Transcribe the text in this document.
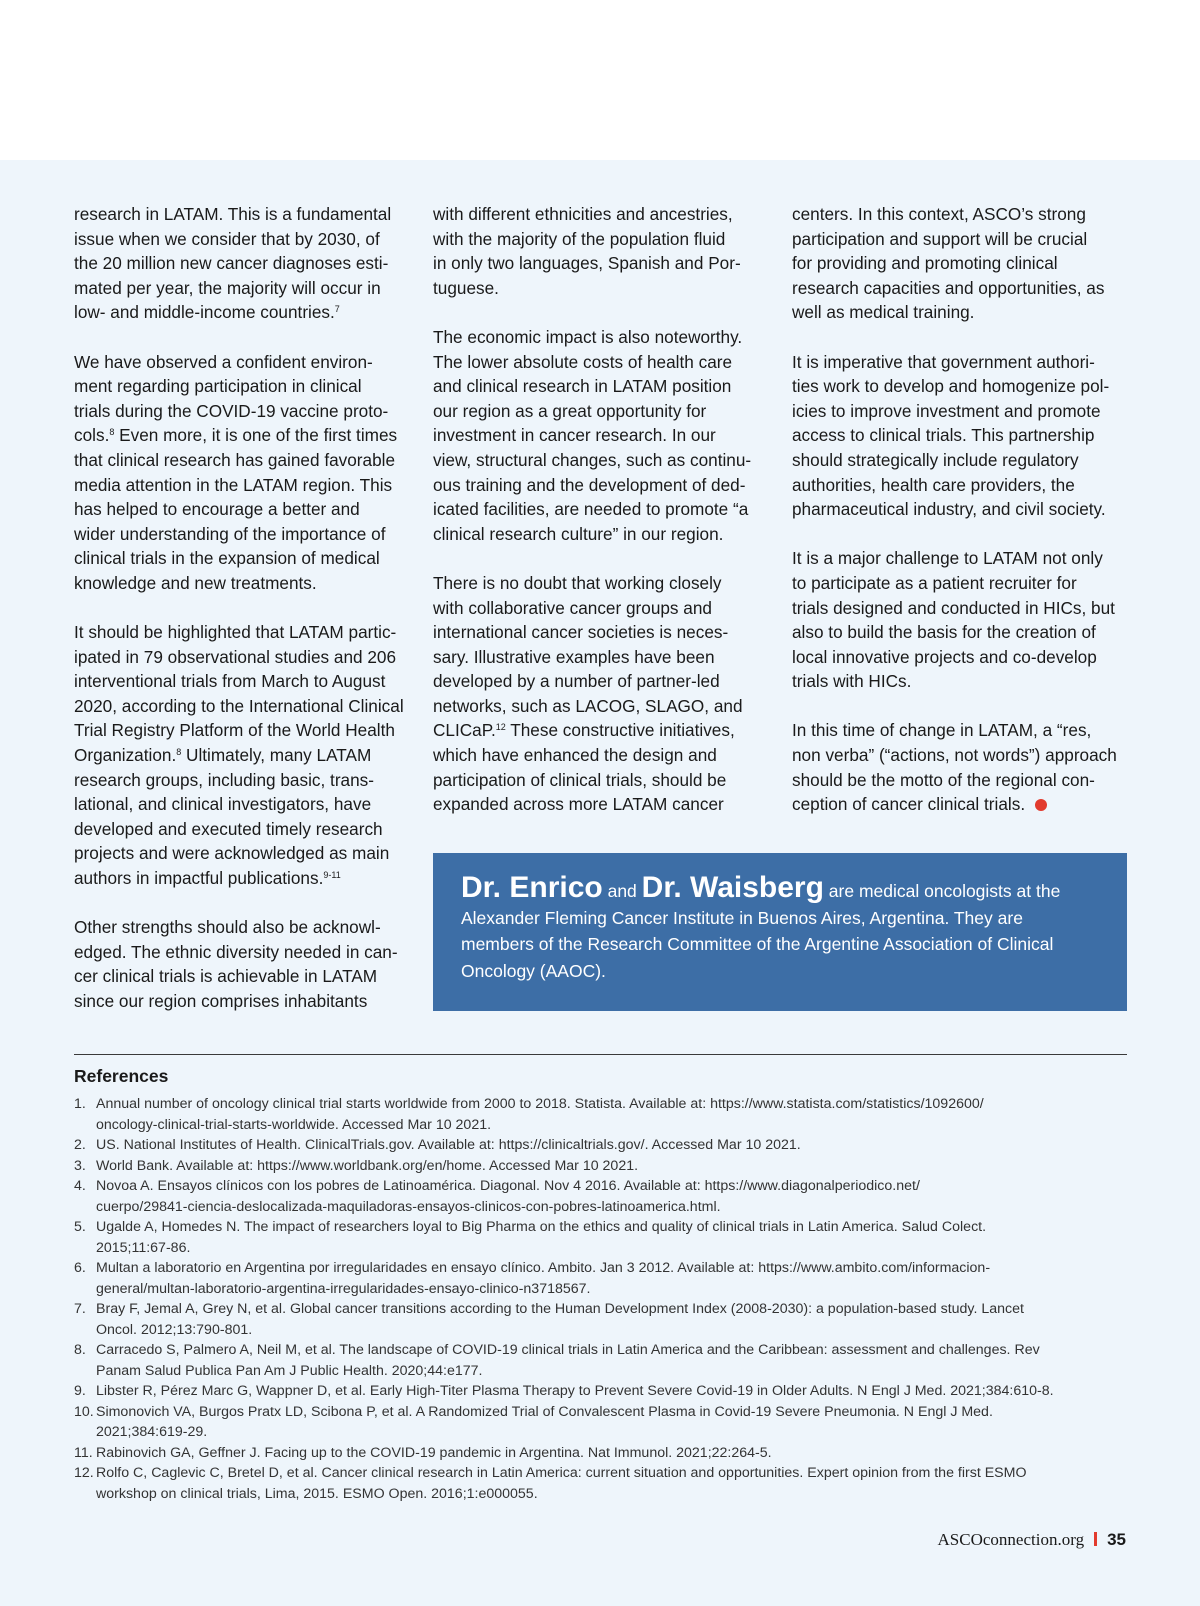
research in LATAM. This is a fundamental
issue when we consider that by 2030, of
the 20 million new cancer diagnoses esti-
mated per year, the majority will occur in
low- and middle-income countries.$^7$

We have observed a confident environ-
ment regarding participation in clinical
trials during the COVID-19 vaccine proto-
cols.$^8$ Even more, it is one of the first times
that clinical research has gained favorable
media attention in the LATAM region. This
has helped to encourage a better and
wider understanding of the importance of
clinical trials in the expansion of medical
knowledge and new treatments.

It should be highlighted that LATAM partic-
ipated in 79 observational studies and 206
interventional trials from March to August
2020, according to the International Clinical
Trial Registry Platform of the World Health
Organization.$^8$ Ultimately, many LATAM
research groups, including basic, trans-
lational, and clinical investigators, have
developed and executed timely research
projects and were acknowledged as main
authors in impactful publications.$^{9-11}$

Other strengths should also be acknowl-
edged. The ethnic diversity needed in can-
cer clinical trials is achievable in LATAM
since our region comprises inhabitants

with different ethnicities and ancestries,
with the majority of the population fluid
in only two languages, Spanish and Por-
tuguese.

The economic impact is also noteworthy.
The lower absolute costs of health care
and clinical research in LATAM position
our region as a great opportunity for
investment in cancer research. In our
view, structural changes, such as continu-
ous training and the development of ded-
icated facilities, are needed to promote “a
clinical research culture” in our region.

There is no doubt that working closely
with collaborative cancer groups and
international cancer societies is neces-
sary. Illustrative examples have been
developed by a number of partner-led
networks, such as LACOG, SLAGO, and
CLICaP.$^{12}$ These constructive initiatives,
which have enhanced the design and
participation of clinical trials, should be
expanded across more LATAM cancer

centers. In this context, ASCO’s strong
participation and support will be crucial
for providing and promoting clinical
research capacities and opportunities, as
well as medical training.

It is imperative that government authori-
ties work to develop and homogenize pol-
icies to improve investment and promote
access to clinical trials. This partnership
should strategically include regulatory
authorities, health care providers, the
pharmaceutical industry, and civil society.

It is a major challenge to LATAM not only
to participate as a patient recruiter for
trials designed and conducted in HICs, but
also to build the basis for the creation of
local innovative projects and co-develop
trials with HICs.

In this time of change in LATAM, a “res,
non verba” (“actions, not words”) approach
should be the motto of the regional con-
ception of cancer clinical trials.

Dr. Enrico and Dr. Waisberg are medical oncologists at the Alexander Fleming Cancer Institute in Buenos Aires, Argentina. They are members of the Research Committee of the Argentine Association of Clinical Oncology (AAOC).
References
1. Annual number of oncology clinical trial starts worldwide from 2000 to 2018. Statista. Available at: https://www.statista.com/statistics/1092600/
oncology-clinical-trial-starts-worldwide. Accessed Mar 10 2021.
2. US. National Institutes of Health. ClinicalTrials.gov. Available at: https://clinicaltrials.gov/. Accessed Mar 10 2021.
3. World Bank. Available at: https://www.worldbank.org/en/home. Accessed Mar 10 2021.
4. Novoa A. Ensayos clínicos con los pobres de Latinoamérica. Diagonal. Nov 4 2016. Available at: https://www.diagonalperiodico.net/
cuerpo/29841-ciencia-deslocalizada-maquiladoras-ensayos-clinicos-con-pobres-latinoamerica.html.
5. Ugalde A, Homedes N. The impact of researchers loyal to Big Pharma on the ethics and quality of clinical trials in Latin America. Salud Colect.
2015;11:67-86.
6. Multan a laboratorio en Argentina por irregularidades en ensayo clínico. Ambito. Jan 3 2012. Available at: https://www.ambito.com/informacion-
general/multan-laboratorio-argentina-irregularidades-ensayo-clinico-n3718567.
7. Bray F, Jemal A, Grey N, et al. Global cancer transitions according to the Human Development Index (2008-2030): a population-based study. Lancet
Oncol. 2012;13:790-801.
8. Carracedo S, Palmero A, Neil M, et al. The landscape of COVID-19 clinical trials in Latin America and the Caribbean: assessment and challenges. Rev
Panam Salud Publica Pan Am J Public Health. 2020;44:e177.
9. Libster R, Pérez Marc G, Wappner D, et al. Early High-Titer Plasma Therapy to Prevent Severe Covid-19 in Older Adults. N Engl J Med. 2021;384:610-8.
10. Simonovich VA, Burgos Pratx LD, Scibona P, et al. A Randomized Trial of Convalescent Plasma in Covid-19 Severe Pneumonia. N Engl J Med.
2021;384:619-29.
11. Rabinovich GA, Geffner J. Facing up to the COVID-19 pandemic in Argentina. Nat Immunol. 2021;22:264-5.
12. Rolfo C, Caglevic C, Bretel D, et al. Cancer clinical research in Latin America: current situation and opportunities. Expert opinion from the first ESMO
workshop on clinical trials, Lima, 2015. ESMO Open. 2016;1:e000055.
ASCOconnection.org 35
